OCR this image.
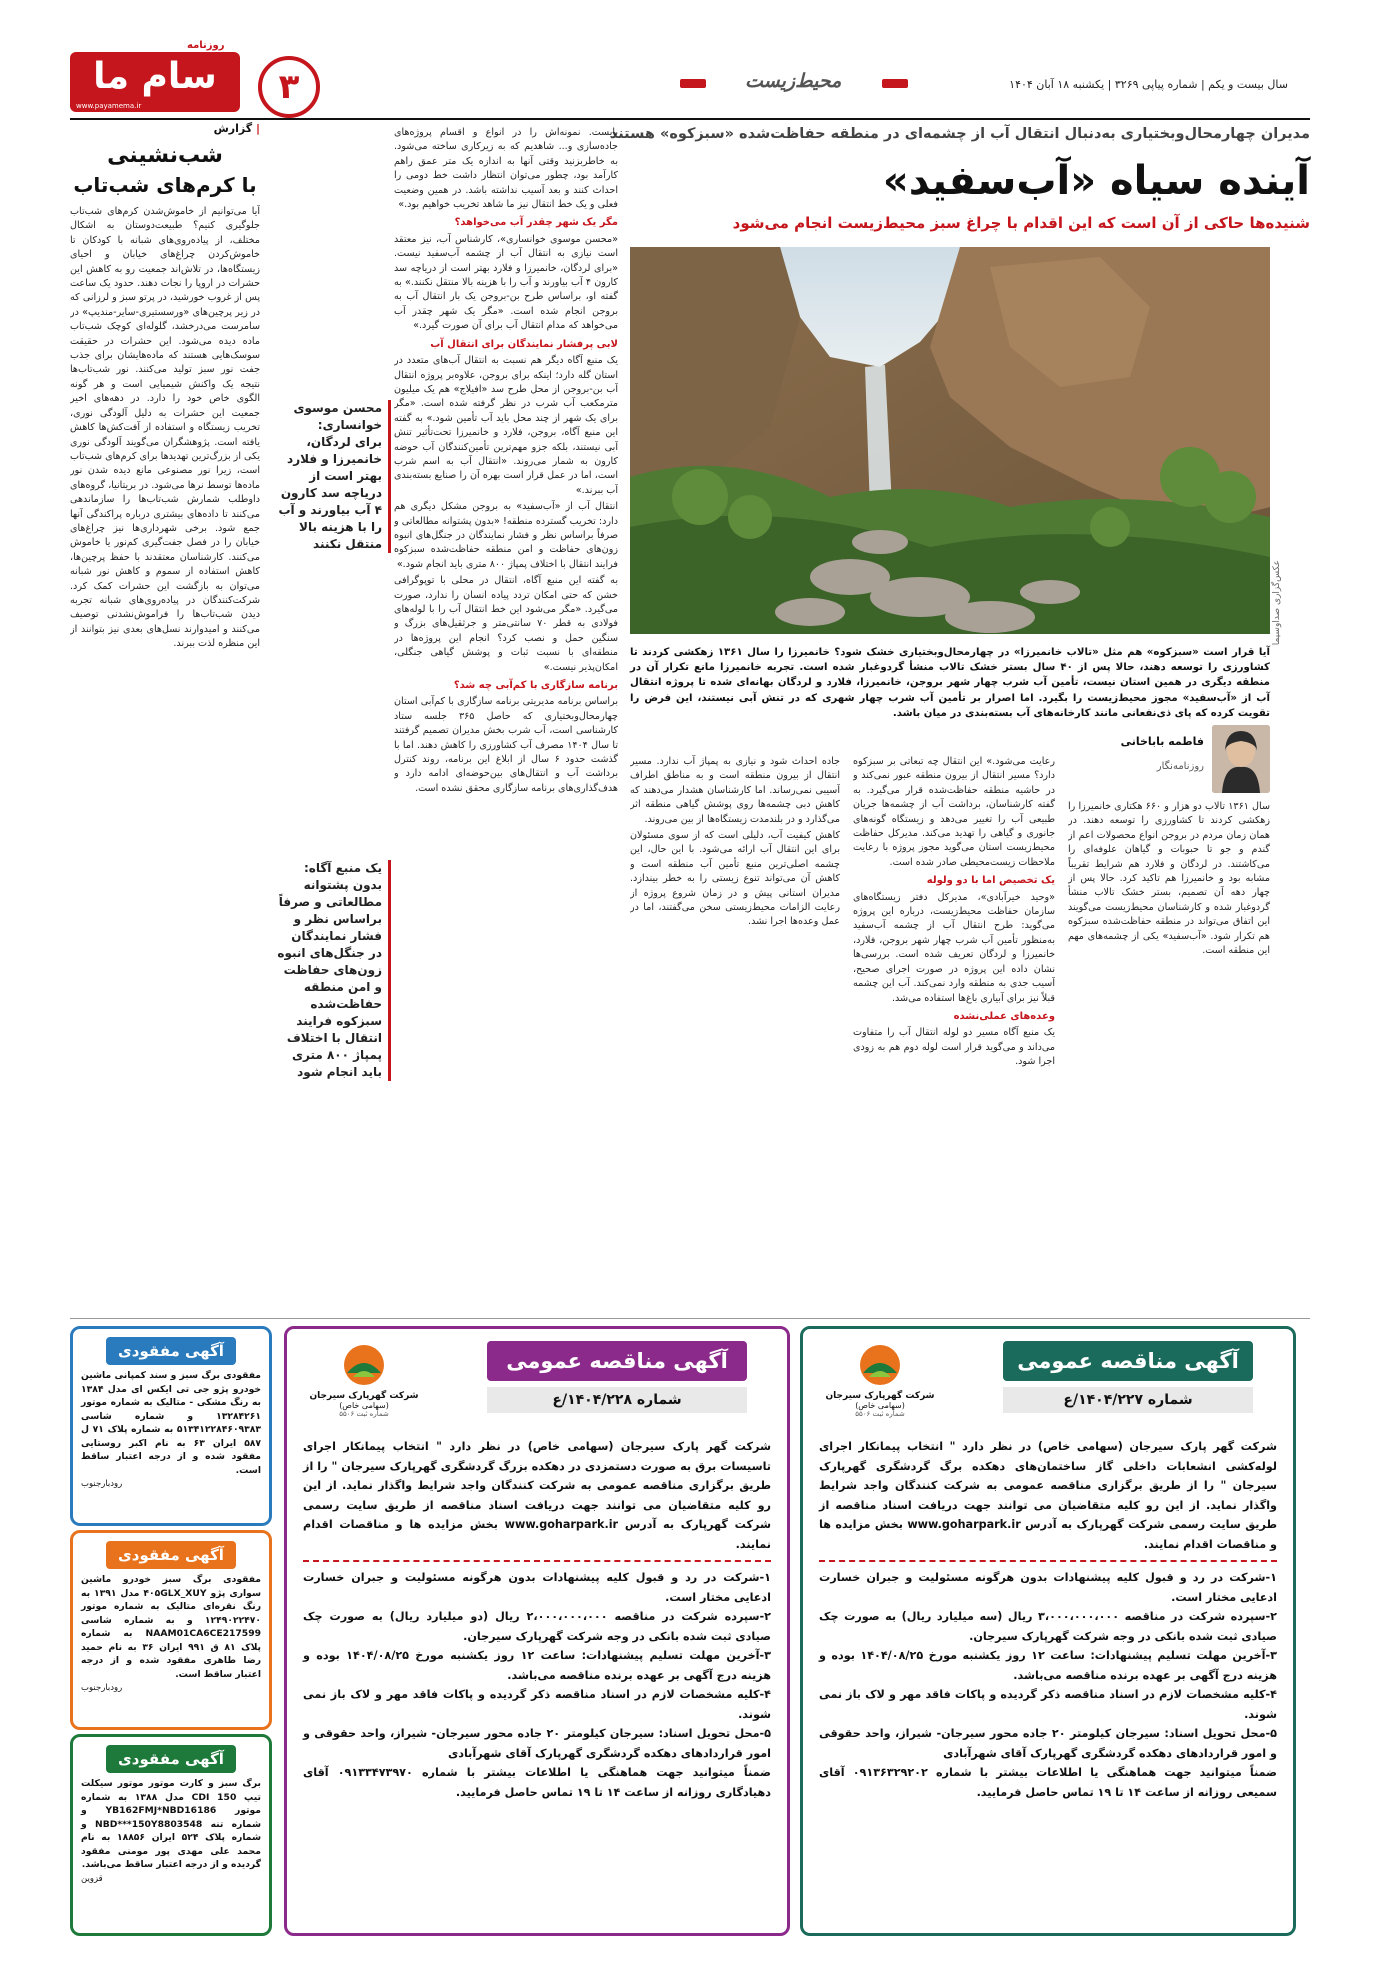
سال بیست و یکم | شماره پیاپی ۳۲۶۹ | یکشنبه ۱۸ آبان ۱۴۰۴
محیط‌زیست
۳
سام ما
www.payamema.ir
روزنامه
مدیران چهارمحال‌وبختیاری به‌دنبال انتقال آب از چشمه‌ای در منطقه حفاظت‌شده «سبزکوه» هستند
آینده سیاه «آب‌سفید»
شنیده‌ها حاکی از آن است که این اقدام با چراغ سبز محیط‌زیست انجام می‌شود
عکس‌گزاری صداوسیما
آیا قرار است «سبزکوه» هم مثل «تالاب خانمیرزا» در چهارمحال‌وبختیاری خشک شود؟ خانمیرزا را سال ۱۳۶۱ زهکشی کردند تا کشاورزی را توسعه دهند، حالا پس از ۴۰ سال بستر خشک تالاب منشأ گردوغبار شده است. تجربه خانمیرزا مانع تکرار آن در منطقه دیگری در همین استان نیست، تأمین آب شرب چهار شهر بروجن، خانمیرزا، فلارد و لردگان بهانه‌ای شده تا پروژه انتقال آب از «آب‌سفید» مجوز محیط‌زیست را بگیرد. اما اصرار بر تأمین آب شرب چهار شهری که در تنش آبی نیستند، این فرض را تقویت کرده که پای ذی‌نفعانی مانند کارخانه‌های آب بسته‌بندی در میان باشد.
فاطمه باباخانی
روزنامه‌نگار
سال ۱۳۶۱ تالاب دو هزار و ۶۶۰ هکتاری خانمیرزا را زهکشی کردند تا کشاورزی را توسعه دهند. در همان زمان مردم در بروجن انواع محصولات اعم از گندم و جو تا حبوبات و گیاهان علوفه‌ای را می‌کاشتند. در لردگان و فلارد هم شرایط تقریباً مشابه بود و خانمیرزا هم تاکید کرد. حالا پس از چهار دهه آن تصمیم، بستر خشک تالاب منشأ گردوغبار شده و کارشناسان محیط‌زیست می‌گویند این اتفاق می‌تواند در منطقه حفاظت‌شده سبزکوه هم تکرار شود. «آب‌سفید» یکی از چشمه‌های مهم این منطقه است.
رعایت می‌شود.» این انتقال چه تبعاتی بر سبزکوه دارد؟ مسیر انتقال از بیرون منطقه عبور نمی‌کند و در حاشیه منطقه حفاظت‌شده قرار می‌گیرد. به گفته کارشناسان، برداشت آب از چشمه‌ها جریان طبیعی آب را تغییر می‌دهد و زیستگاه گونه‌های جانوری و گیاهی را تهدید می‌کند. مدیرکل حفاظت محیط‌زیست استان می‌گوید مجوز پروژه با رعایت ملاحظات زیست‌محیطی صادر شده است.
یک تخصیص اما با دو ولوله
«وحید خیرآبادی»، مدیرکل دفتر زیستگاه‌های سازمان حفاظت محیط‌زیست، درباره این پروژه می‌گوید: طرح انتقال آب از چشمه آب‌سفید به‌منظور تأمین آب شرب چهار شهر بروجن، فلارد، خانمیرزا و لردگان تعریف شده است. بررسی‌ها نشان داده این پروژه در صورت اجرای صحیح، آسیب جدی به منطقه وارد نمی‌کند. آب این چشمه قبلاً نیز برای آبیاری باغ‌ها استفاده می‌شد.
وعده‌های عملی‌نشده
یک منبع آگاه مسیر دو لوله انتقال آب را متفاوت می‌داند و می‌گوید قرار است لوله دوم هم به زودی اجرا شود.
جاده احداث شود و نیازی به پمپاژ آب ندارد. مسیر انتقال از بیرون منطقه است و به مناطق اطراف آسیبی نمی‌رساند. اما کارشناسان هشدار می‌دهند که کاهش دبی چشمه‌ها روی پوشش گیاهی منطقه اثر می‌گذارد و در بلندمدت زیستگاه‌ها از بین می‌روند.
کاهش کیفیت آب، دلیلی است که از سوی مسئولان برای این انتقال آب ارائه می‌شود. با این حال، این چشمه اصلی‌ترین منبع تأمین آب منطقه است و کاهش آن می‌تواند تنوع زیستی را به خطر بیندازد. مدیران استانی پیش و در زمان شروع پروژه از رعایت الزامات محیط‌زیستی سخن می‌گفتند، اما در عمل وعده‌ها اجرا نشد.
بایست. نمونه‌اش را در انواع و اقسام پروژه‌های جاده‌سازی و... شاهدیم که به زیرکاری ساخته می‌شود. به خاطربزنید وقتی آنها به اندازه یک متر عمق راهم کارآمد بود، چطور می‌توان انتظار داشت خط دومی را احداث کنند و بعد آسیب نداشته باشد. در همین وضعیت فعلی و یک خط انتقال نیز ما شاهد تخریب خواهیم بود.»
مگر یک شهر چقدر آب می‌خواهد؟
«محسن موسوی خوانساری»، کارشناس آب، نیز معتقد است نیازی به انتقال آب از چشمه آب‌سفید نیست. «برای لردگان، خانمیرزا و فلارد بهتر است از دریاچه سد کارون ۴ آب بیاورند و آب را با هزینه بالا منتقل نکنند.» به گفته او، براساس طرح بن-بروجن یک بار انتقال آب به بروجن انجام شده است. «مگر یک شهر چقدر آب می‌خواهد که مدام انتقال آب برای آن صورت گیرد.»
لابی پرفشار نمایندگان برای انتقال آب
یک منبع آگاه دیگر هم نسبت به انتقال آب‌های متعدد در استان گله دارد؛ اینکه برای بروجن، علاوه‌بر پروژه انتقال آب بن-بروجن از محل طرح سد «افیلاج» هم یک میلیون مترمکعب آب شرب در نظر گرفته شده است. «مگر برای یک شهر از چند محل باید آب تأمین شود.» به گفته این منبع آگاه، بروجن، فلارد و خانمیرزا تحت‌تأثیر تنش آبی نیستند، بلکه جزو مهم‌ترین تأمین‌کنندگان آب حوضه کارون به شمار می‌روند. «انتقال آب به اسم شرب است، اما در عمل قرار است بهره آن را صنایع بسته‌بندی آب ببرند.»
انتقال آب از «آب‌سفید» به بروجن مشکل دیگری هم دارد: تخریب گسترده منطقه! «بدون پشتوانه مطالعاتی و صرفاً براساس نظر و فشار نمایندگان در جنگل‌های انبوه زون‌های حفاظت و امن منطقه حفاظت‌شده سبزکوه فرایند انتقال با اختلاف پمپاژ ۸۰۰ متری باید انجام شود.»
به گفته این منبع آگاه، انتقال در محلی با توپوگرافی خشن که حتی امکان تردد پیاده انسان را ندارد، صورت می‌گیرد. «مگر می‌شود این خط انتقال آب را با لوله‌های فولادی به قطر ۷۰ سانتی‌متر و جرثقیل‌های بزرگ و سنگین حمل و نصب کرد؟ انجام این پروژه‌ها در منطقه‌ای با نسبت ثبات و پوشش گیاهی جنگلی، امکان‌پذیر نیست.»
برنامه سازگاری با کم‌آبی چه شد؟
براساس برنامه مدیریتی برنامه سازگاری با کم‌آبی استان چهارمحال‌وبختیاری که حاصل ۳۶۵ جلسه ستاد کارشناسی است، آب شرب بخش مدیران تصمیم گرفتند تا سال ۱۴۰۴ مصرف آب کشاورزی را کاهش دهند. اما با گذشت حدود ۶ سال از ابلاغ این برنامه، روند کنترل برداشت آب و انتقال‌های بین‌حوضه‌ای ادامه دارد و هدف‌گذاری‌های برنامه سازگاری محقق نشده است.
محسن موسوی خوانساری:
برای لردگان، خانمیرزا و فلارد بهتر است از دریاچه سد کارون ۴ آب بیاورند و آب را با هزینه بالا منتقل نکنند
یک منبع آگاه: بدون پشتوانه مطالعاتی و صرفاً براساس نظر و فشار نمایندگان در جنگل‌های انبوه زون‌های حفاظت و امن منطقه حفاظت‌شده سبزکوه فرایند انتقال با اختلاف پمپاژ ۸۰۰ متری باید انجام شود
| گزارش
شب‌نشینی
با کرم‌های شب‌تاب
آیا می‌توانیم از خاموش‌شدن کرم‌های شب‌تاب جلوگیری کنیم؟ طبیعت‌دوستان به اشکال مختلف، از پیاده‌روی‌های شبانه با کودکان تا خاموش‌کردن چراغ‌های خیابان و احیای زیستگاه‌ها، در تلاش‌اند جمعیت رو به کاهش این حشرات در اروپا را نجات دهند. حدود یک ساعت پس از غروب خورشید، در پرتو سبز و لرزانی که در زیر پرچین‌های «ورسستیری-سایر-مندیپ» در سامرست می‌درخشد، گلوله‌ای کوچک شب‌تاب ماده دیده می‌شود. این حشرات در حقیقت سوسک‌هایی هستند که ماده‌هایشان برای جذب جفت نور سبز تولید می‌کنند. نور شب‌تاب‌ها نتیجه یک واکنش شیمیایی است و هر گونه الگوی خاص خود را دارد. در دهه‌های اخیر جمعیت این حشرات به دلیل آلودگی نوری، تخریب زیستگاه و استفاده از آفت‌کش‌ها کاهش یافته است. پژوهشگران می‌گویند آلودگی نوری یکی از بزرگ‌ترین تهدیدها برای کرم‌های شب‌تاب است، زیرا نور مصنوعی مانع دیده شدن نور ماده‌ها توسط نرها می‌شود. در بریتانیا، گروه‌های داوطلب شمارش شب‌تاب‌ها را سازماندهی می‌کنند تا داده‌های بیشتری درباره پراکندگی آنها جمع شود. برخی شهرداری‌ها نیز چراغ‌های خیابان را در فصل جفت‌گیری کم‌نور یا خاموش می‌کنند. کارشناسان معتقدند با حفظ پرچین‌ها، کاهش استفاده از سموم و کاهش نور شبانه می‌توان به بازگشت این حشرات کمک کرد. شرکت‌کنندگان در پیاده‌روی‌های شبانه تجربه دیدن شب‌تاب‌ها را فراموش‌نشدنی توصیف می‌کنند و امیدوارند نسل‌های بعدی نیز بتوانند از این منظره لذت ببرند.
آگهی مناقصه عمومی
شماره ۱۴۰۴/۲۲۷/ع
شرکت گهرپارک سیرجان
(سهامی خاص)
شماره ثبت ۵۵۰۶
شرکت گهر پارک سیرجان (سهامی خاص) در نظر دارد " انتخاب پیمانکار اجرای لوله‌کشی انشعابات داخلی گاز ساختمان‌های دهکده برگ گردشگری گهرپارک سیرجان " را از طریق برگزاری مناقصه عمومی به شرکت کنندگان واجد شرایط واگذار نماید. از این رو کلیه متقاضیان می توانند جهت دریافت اسناد مناقصه از طریق سایت رسمی شرکت گهرپارک به آدرس www.goharpark.ir بخش مزایده ها و مناقصات اقدام نمایند.
۱-شرکت در رد و قبول کلیه پیشنهادات بدون هرگونه مسئولیت و جبران خسارت ادعایی مختار است.
۲-سپرده شرکت در مناقصه ۳،۰۰۰،۰۰۰،۰۰۰ ریال (سه میلیارد ریال) به صورت چک صیادی ثبت شده بانکی در وجه شرکت گهرپارک سیرجان.
۳-آخرین مهلت تسلیم پیشنهادات: ساعت ۱۲ روز یکشنبه مورخ ۱۴۰۴/۰۸/۲۵ بوده و هزینه درج آگهی بر عهده برنده مناقصه می‌باشد.
۴-کلیه مشخصات لازم در اسناد مناقصه ذکر گردیده و پاکات فاقد مهر و لاک باز نمی شوند.
۵-محل تحویل اسناد: سیرجان کیلومتر ۲۰ جاده محور سیرجان- شیراز، واحد حقوقی و امور قراردادهای دهکده گردشگری گهرپارک آقای شهرآبادی
ضمناً میتوانید جهت هماهنگی یا اطلاعات بیشتر با شماره ۰۹۱۳۶۳۲۹۲۰۲ آقای سمیعی روزانه از ساعت ۱۴ تا ۱۹ تماس حاصل فرمایید.
آگهی مناقصه عمومی
شماره ۱۴۰۴/۲۲۸/ع
شرکت گهرپارک سیرجان
(سهامی خاص)
شماره ثبت ۵۵۰۶
شرکت گهر پارک سیرجان (سهامی خاص) در نظر دارد " انتخاب پیمانکار اجرای تاسیسات برق به صورت دستمزدی در دهکده بزرگ گردشگری گهرپارک سیرجان " را از طریق برگزاری مناقصه عمومی به شرکت کنندگان واجد شرایط واگذار نماید. از این رو کلیه متقاضیان می توانند جهت دریافت اسناد مناقصه از طریق سایت رسمی شرکت گهرپارک به آدرس www.goharpark.ir بخش مزایده ها و مناقصات اقدام نمایند.
۱-شرکت در رد و قبول کلیه پیشنهادات بدون هرگونه مسئولیت و جبران خسارت ادعایی مختار است.
۲-سپرده شرکت در مناقصه ۲،۰۰۰،۰۰۰،۰۰۰ ریال (دو میلیارد ریال) به صورت چک صیادی ثبت شده بانکی در وجه شرکت گهرپارک سیرجان.
۳-آخرین مهلت تسلیم پیشنهادات: ساعت ۱۲ روز یکشنبه مورخ ۱۴۰۴/۰۸/۲۵ بوده و هزینه درج آگهی بر عهده برنده مناقصه می‌باشد.
۴-کلیه مشخصات لازم در اسناد مناقصه ذکر گردیده و پاکات فاقد مهر و لاک باز نمی شوند.
۵-محل تحویل اسناد: سیرجان کیلومتر ۲۰ جاده محور سیرجان- شیراز، واحد حقوقی و امور قراردادهای دهکده گردشگری گهرپارک آقای شهرآبادی
ضمناً میتوانید جهت هماهنگی یا اطلاعات بیشتر با شماره ۰۹۱۳۳۴۷۳۹۷۰ آقای دهیادگاری روزانه از ساعت ۱۴ تا ۱۹ تماس حاصل فرمایید.
آگهی مفقودی
مفقودی برگ سبز و سند کمپانی ماشین خودرو پژو جی تی ایکس ای مدل ۱۳۸۴ به رنگ مشکی - متالیک به شماره موتور ۱۳۲۸۴۲۶۱ و شماره شاسی ۵۱۳۴۱۲۲۸۴۶۰۹۳۸۳ به شماره پلاک ۷۱ ل ۵۸۷ ایران ۶۳ به نام اکبر روستایی مفقود شده و از درجه اعتبار ساقط است.
رودبارجنوب
آگهی مفقودی
مفقودی برگ سبز خودرو ماشین سواری پژو ۴۰۵GLX_XUY مدل ۱۳۹۱ به رنگ نقره‌ای متالیک به شماره موتور ۱۲۴۹۰۲۲۴۷۰ و به شماره شاسی NAAM01CA6CE217599 به شماره پلاک ۸۱ ق ۹۹۱ ایران ۳۶ به نام حمید رضا طاهری مفقود شده و از درجه اعتبار ساقط است.
رودبارجنوب
آگهی مفقودی
برگ سبز و کارت موتور موتور سیکلت تیپ CDI 150 مدل ۱۳۸۸ به شماره موتور YB162FMJ*NBD16186 و شماره تنه NBD***150Y8803548 و شماره پلاک ۵۲۴ ایران ۱۸۸۵۶ به نام محمد علی مهدی پور مومنی مفقود گردیده و از درجه اعتبار ساقط می‌باشد.
قزوین
